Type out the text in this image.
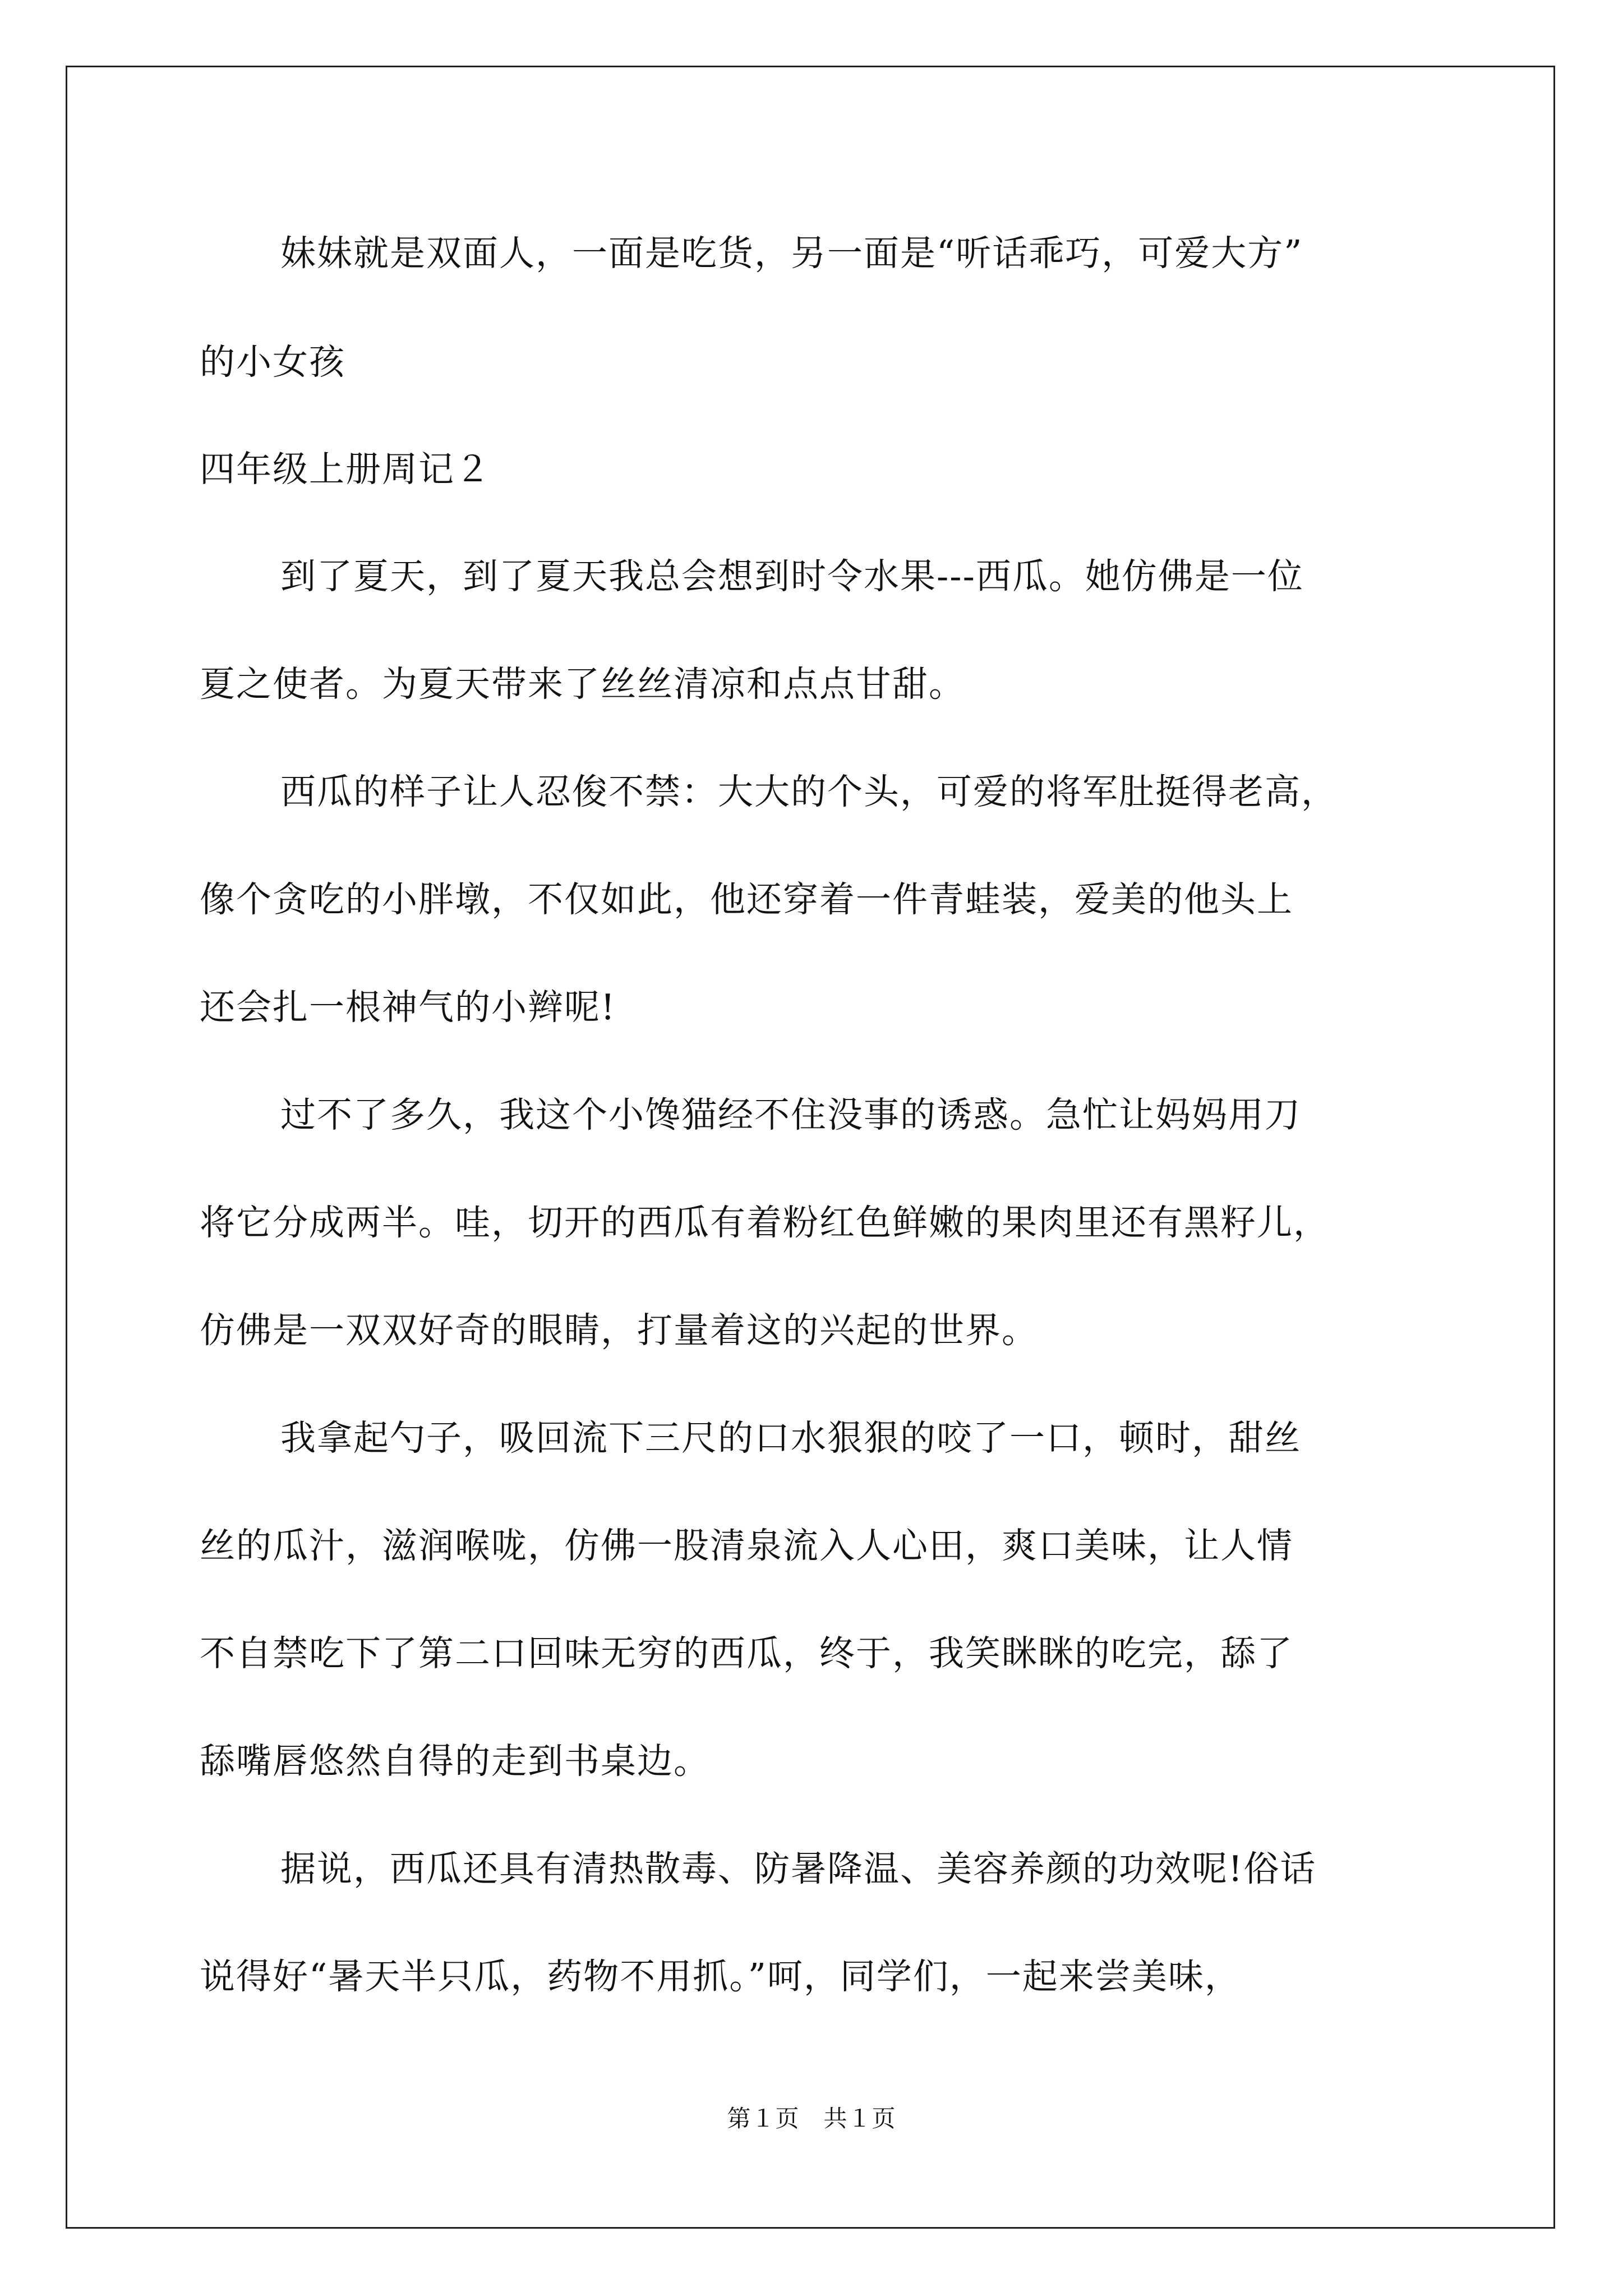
妹妹就是双面人，一面是吃货，另一面是“听话乖巧，可爱大方”
的小女孩
四年级上册周记２
到了夏天，到了夏天我总会想到时令水果---西瓜。她仿佛是一位
夏之使者。为夏天带来了丝丝清凉和点点甘甜。
西瓜的样子让人忍俊不禁：大大的个头，可爱的将军肚挺得老高，
像个贪吃的小胖墩，不仅如此，他还穿着一件青蛙装，爱美的他头上
还会扎一根神气的小辫呢!
过不了多久，我这个小馋猫经不住没事的诱惑。急忙让妈妈用刀
将它分成两半。哇，切开的西瓜有着粉红色鲜嫩的果肉里还有黑籽儿，
仿佛是一双双好奇的眼睛，打量着这的兴起的世界。
我拿起勺子，吸回流下三尺的口水狠狠的咬了一口，顿时，甜丝
丝的瓜汁，滋润喉咙，仿佛一股清泉流入人心田，爽口美味，让人情
不自禁吃下了第二口回味无穷的西瓜，终于，我笑眯眯的吃完，舔了
舔嘴唇悠然自得的走到书桌边。
据说，西瓜还具有清热散毒、防暑降温、美容养颜的功效呢!俗话
说得好“暑天半只瓜，药物不用抓。”呵，同学们，一起来尝美味，
第１页　共１页
